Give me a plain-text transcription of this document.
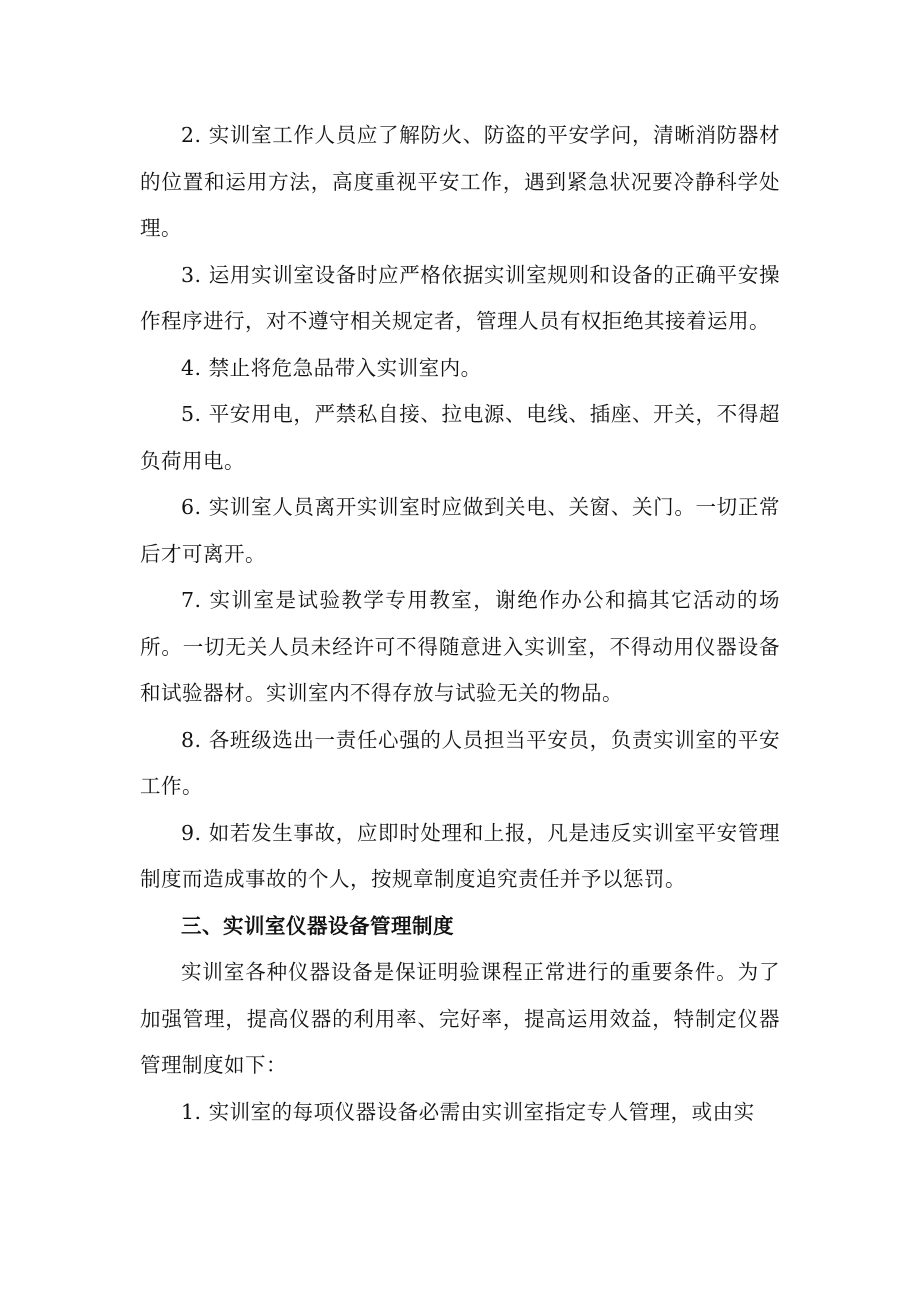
2. 实训室工作人员应了解防火、防盗的平安学问，清晰消防器材的位置和运用方法，高度重视平安工作，遇到紧急状况要冷静科学处理。

3. 运用实训室设备时应严格依据实训室规则和设备的正确平安操作程序进行，对不遵守相关规定者，管理人员有权拒绝其接着运用。

4. 禁止将危急品带入实训室内。

5. 平安用电，严禁私自接、拉电源、电线、插座、开关，不得超负荷用电。

6. 实训室人员离开实训室时应做到关电、关窗、关门。一切正常后才可离开。

7. 实训室是试验教学专用教室，谢绝作办公和搞其它活动的场所。一切无关人员未经许可不得随意进入实训室，不得动用仪器设备和试验器材。实训室内不得存放与试验无关的物品。

8. 各班级选出一责任心强的人员担当平安员，负责实训室的平安工作。

9. 如若发生事故，应即时处理和上报，凡是违反实训室平安管理制度而造成事故的个人，按规章制度追究责任并予以惩罚。

三、实训室仪器设备管理制度

实训室各种仪器设备是保证明验课程正常进行的重要条件。为了加强管理，提高仪器的利用率、完好率，提高运用效益，特制定仪器管理制度如下：

1. 实训室的每项仪器设备必需由实训室指定专人管理，或由实
